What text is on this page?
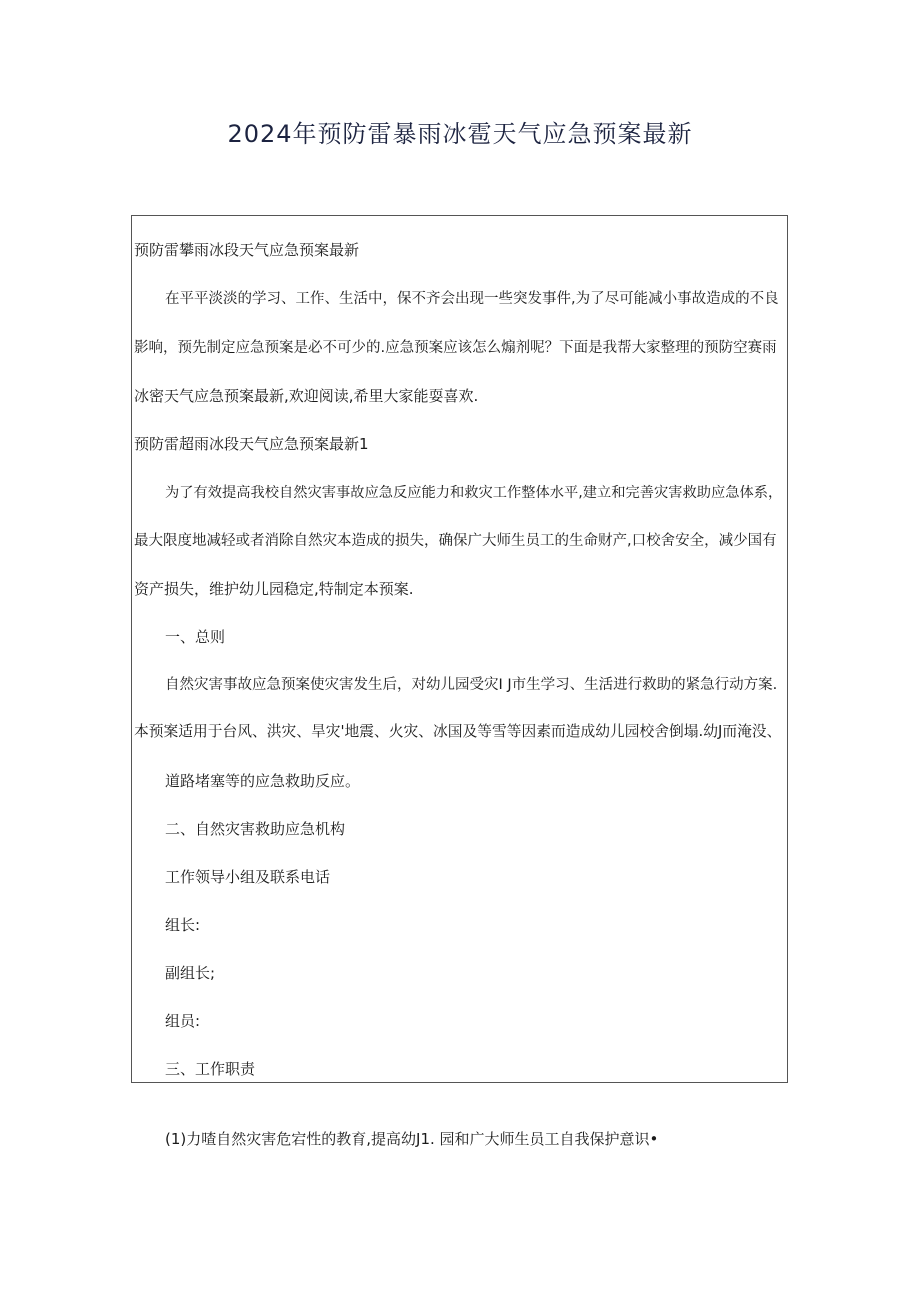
2024年预防雷暴雨冰雹天气应急预案最新

预防雷攀雨冰段天气应急预案最新

在平平淡淡的学习、工作、生活中，保不齐会出现一些突发事件,为了尽可能减小事故造成的不良

影响，预先制定应急预案是必不可少的.应急预案应该怎么煽剂呢？下面是我帮大家整理的预防空赛雨

冰密天气应急预案最新,欢迎阅读,希里大家能耍喜欢.

预防雷超雨冰段天气应急预案最新1

为了有效提高我校自然灾害事故应急反应能力和救灾工作整体水平,建立和完善灾害救助应急体系，

最大限度地减轻或者消除自然灾本造成的损失，确保广大师生员工的生命财产,口校舍安全，减少国有

资产损失，维护幼儿园稳定,特制定本预案.

一、总则

自然灾害事故应急预案使灾害发生后，对幼儿园受灾I J市生学习、生活进行救助的紧急行动方案.

本预案适用于台风、洪灾、旱灾'地震、火灾、冰国及等雪等因素而造成幼儿园校舍倒塌.幼J而淹没、

道路堵塞等的应急救助反应。

二、自然灾害救助应急机构

工作领导小组及联系电话

组长:

副组长;

组员:

三、工作职责

(1)力喳自然灾害危宕性的教育,提高幼J1. 园和广大师生员工自我保护意识•
